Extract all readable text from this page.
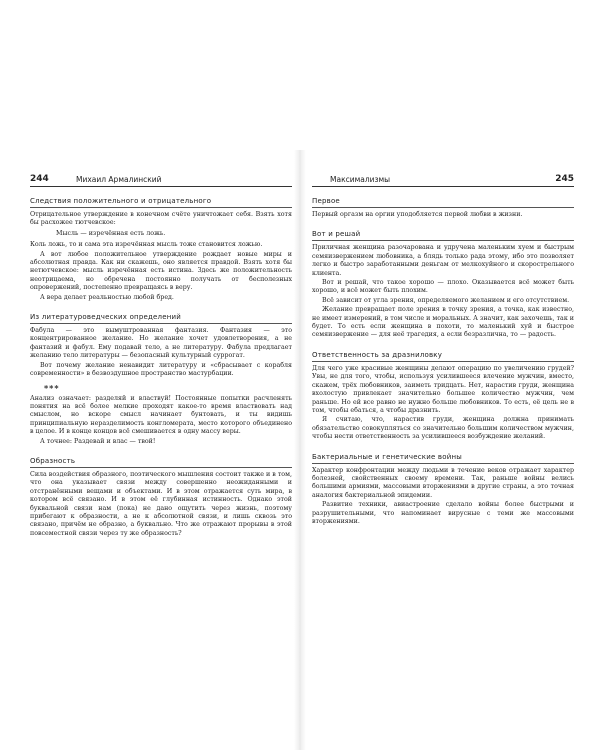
244	Михаил Армалинский
Следствия положительного и отрицательного

Отрицательное утверждение в конечном счёте уничтожает себя. Взять хотя бы расхожее тютчевское:

Мысль — изречённая есть ложь.

Коль ложь, то и сама эта изречённая мысль тоже становится ложью.

А вот любое положительное утверждение рождает новые миры и абсолютная правда. Как ни скажешь, оно является правдой. Взять хотя бы нетютчевское: мысль изречённая есть истина. Здесь же положительность неотрицаема, но обречена постоянно получать от бесполезных опровержений, постепенно превращаясь в веру.

А вера делает реальностью любой бред.

Из литературоведческих определений

Фабула — это вымуштрованная фантазия. Фантазия — это концентрированное желание. Но желание хочет удовлетворения, а не фантазий и фабул. Ему подавай тело, а не литературу. Фабула предлагает желанию тело литературы — безопасный культурный суррогат.

Вот почему желание ненавидит литературу и «сбрасывает с корабля современности» в безвоздушное пространство мастурбации.

***

Анализ означает: разделяй и властвуй! Постоянные попытки расчленять понятия на всё более мелкие проходят какое-то время властвовать над смыслом, но вскоре смысл начинает бунтовать, и ты видишь принципиальную неразделимость конгломерата, место которого объединено в целое. И в конце концов всё смешивается в одну массу веры.

А точнее: Раздевай и влас — твой!

Образность

Сила воздействия образного, поэтического мышления состоит также и в том, что она указывает связи между совершенно неожиданными и отстранёнными вещами и объектами. И в этом отражается суть мира, в котором всё связано. И в этом её глубинная истинность. Однако этой буквальной связи нам (пока) не дано ощутить через жизнь, поэтому прибегают к образности, а не к абсолютной связи, и лишь сквозь это связано, причём не образно, а буквально. Что же отражают прорывы в этой повсеместной связи через ту же образность?

Максимализмы	245
Первое

Первый оргазм на оргии уподобляется первой любви в жизни.

Вот и решай

Приличная женщина разочарована и удручена маленьким хуем и быстрым семяизвержением любовника, а блядь только рада этому, ибо это позволяет легко и быстро заработанными деньгам от мелкохуйного и скорострельного клиента.

Вот и решай, что такое хорошо — плохо. Оказывается всё может быть хорошо, и всё может быть плохим.

Всё зависит от угла зрения, определяемого желанием и его отсутствием.

Желание превращает поле зрения в точку зрения, а точка, как известно, не имеет измерений, в том числе и моральных. А значит, как захочешь, так и будет. То есть если женщина в похоти, то маленький хуй и быстрое семяизвержение — для неё трагедия, а если безразлична, то — радость.

Ответственность за дразниловку

Для чего уже красивые женщины делают операцию по увеличению грудей? Увы, не для того, чтобы, используя усилившееся влечение мужчин, вместо, скажем, трёх любовников, заиметь тридцать. Нет, нарастив груди, женщина вхолостую привлекает значительно большее количество мужчин, чем раньше. Но ей все равно не нужно больше любовников. То есть, её цель не в том, чтобы ебаться, а чтобы дразнить.

Я считаю, что, нарастив груди, женщина должна принимать обязательство совокупляться со значительно большим количеством мужчин, чтобы нести ответственность за усилившееся возбуждение желаний.

Бактериальные и генетические войны

Характер конфронтации между людьми в течение веков отражает характер болезней, свойственных своему времени. Так, раньше войны велись большими армиями, массовыми вторжениями в другие страны, а это точная аналогия бактериальной эпидемии.

Развитие техники, авиастроение сделало войны более быстрыми и разрушительными, что напоминает вирусные с теми же массовыми вторжениями.
